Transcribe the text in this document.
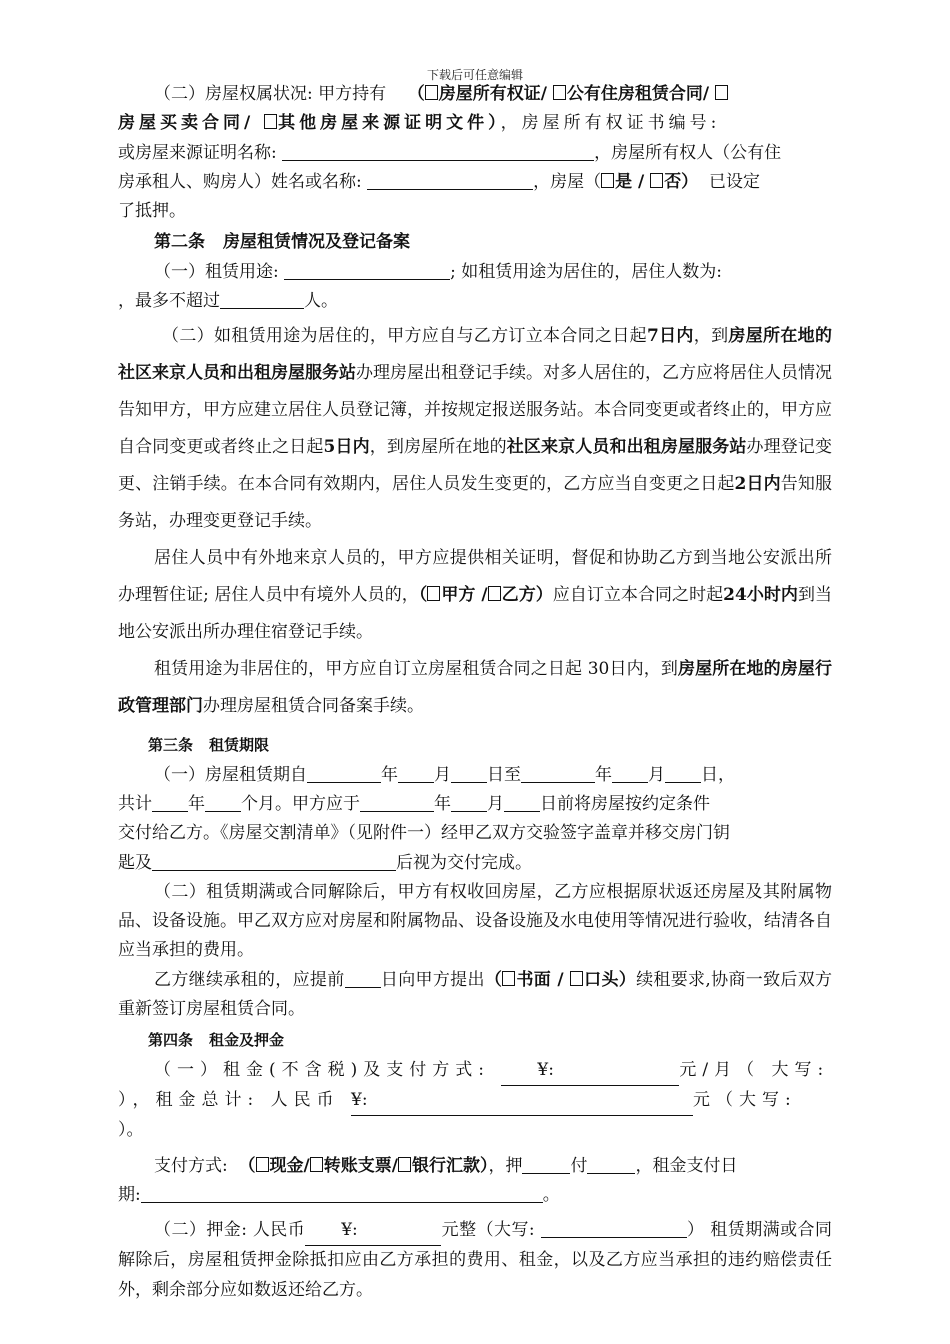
下载后可任意编辑

（二）房屋权属状况: 甲方持有 （ 房屋所有权证/ 公有住房租赁合同/

房屋买卖合同/ 其他房屋来源证明文件），房屋所有权证书编号:

或房屋来源证明名称:	，房屋所有权人（公有住

房承租人、购房人）姓名或名称:	，房屋（ 是 / 否） 已设定

了抵押。

第二条 房屋租赁情况及登记备案

（一）租赁用途:	; 如租赁用途为居住的，居住人数为:

，最多不超过	人。

（二）如租赁用途为居住的，甲方应自与乙方订立本合同之日起7日内，到房屋所在地的社区来京人员和出租房屋服务站办理房屋出租登记手续。对多人居住的，乙方应将居住人员情况告知甲方，甲方应建立居住人员登记簿，并按规定报送服务站。本合同变更或者终止的，甲方应自合同变更或者终止之日起5日内，到房屋所在地的社区来京人员和出租房屋服务站办理登记变更、注销手续。在本合同有效期内，居住人员发生变更的，乙方应当自变更之日起2日内告知服务站，办理变更登记手续。

居住人员中有外地来京人员的，甲方应提供相关证明，督促和协助乙方到当地公安派出所办理暂住证; 居住人员中有境外人员的，（ 甲方 / 乙方）应自订立本合同之时起24小时内到当地公安派出所办理住宿登记手续。

租赁用途为非居住的，甲方应自订立房屋租赁合同之日起 30日内，到房屋所在地的房屋行政管理部门办理房屋租赁合同备案手续。

第三条 租赁期限

（一）房屋租赁期自	年 月 日至	年 月 日，

共计 年 个月。甲方应于	年 月 日前将房屋按约定条件

交付给乙方。《房屋交割清单》（见附件一）经甲乙双方交验签字盖章并移交房门钥

匙及	后视为交付完成。

（二）租赁期满或合同解除后，甲方有权收回房屋，乙方应根据原状返还房屋及其附属物品、设备设施。甲乙双方应对房屋和附属物品、设备设施及水电使用等情况进行验收，结清各自应当承担的费用。

乙方继续承租的，应提前 日向甲方提出（ 书面 / 口头）续租要求,协商一致后双方重新签订房屋租赁合同。

第四条 租金及押金

（一）租金(不含税)及支付方式:	¥:	元/月（ 大写:

），租金总计: 人民币 ¥:	元（大写:

）。

支付方式: （ 现金/ 转账支票/ 银行汇款），押	付	，租金支付日

期:	。

（二）押金: 人民币 ¥:	元整（大写:	） 租赁期满或合同解除后，房屋租赁押金除抵扣应由乙方承担的费用、租金，以及乙方应当承担的违约赔偿责任外，剩余部分应如数返还给乙方。
